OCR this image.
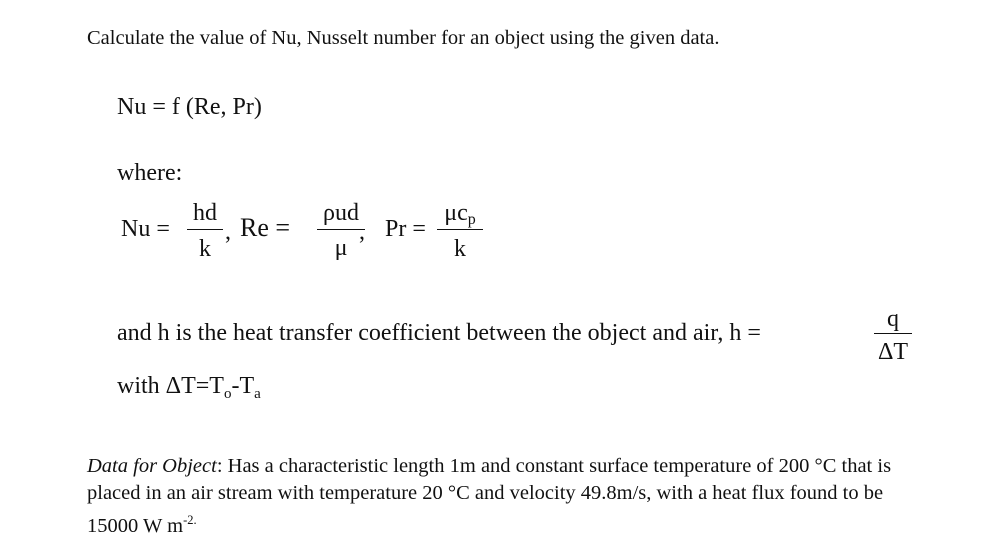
Calculate the value of Nu, Nusselt number for an object using the given data.
Nu = f (Re, Pr)
where:
Nu =
hd
k
, Re = ρud
μ
, Pr =
$\mu c_p$
k
and h is the heat transfer coefficient between the object and air, h =
q
ΔT
with $\Delta T=T_o-T_a$
Data for Object: Has a characteristic length 1m and constant surface temperature of 200 °C that is placed in an air stream with temperature 20 °C and velocity 49.8m/s, with a heat flux found to be 15000 W $m^{-2.}$
